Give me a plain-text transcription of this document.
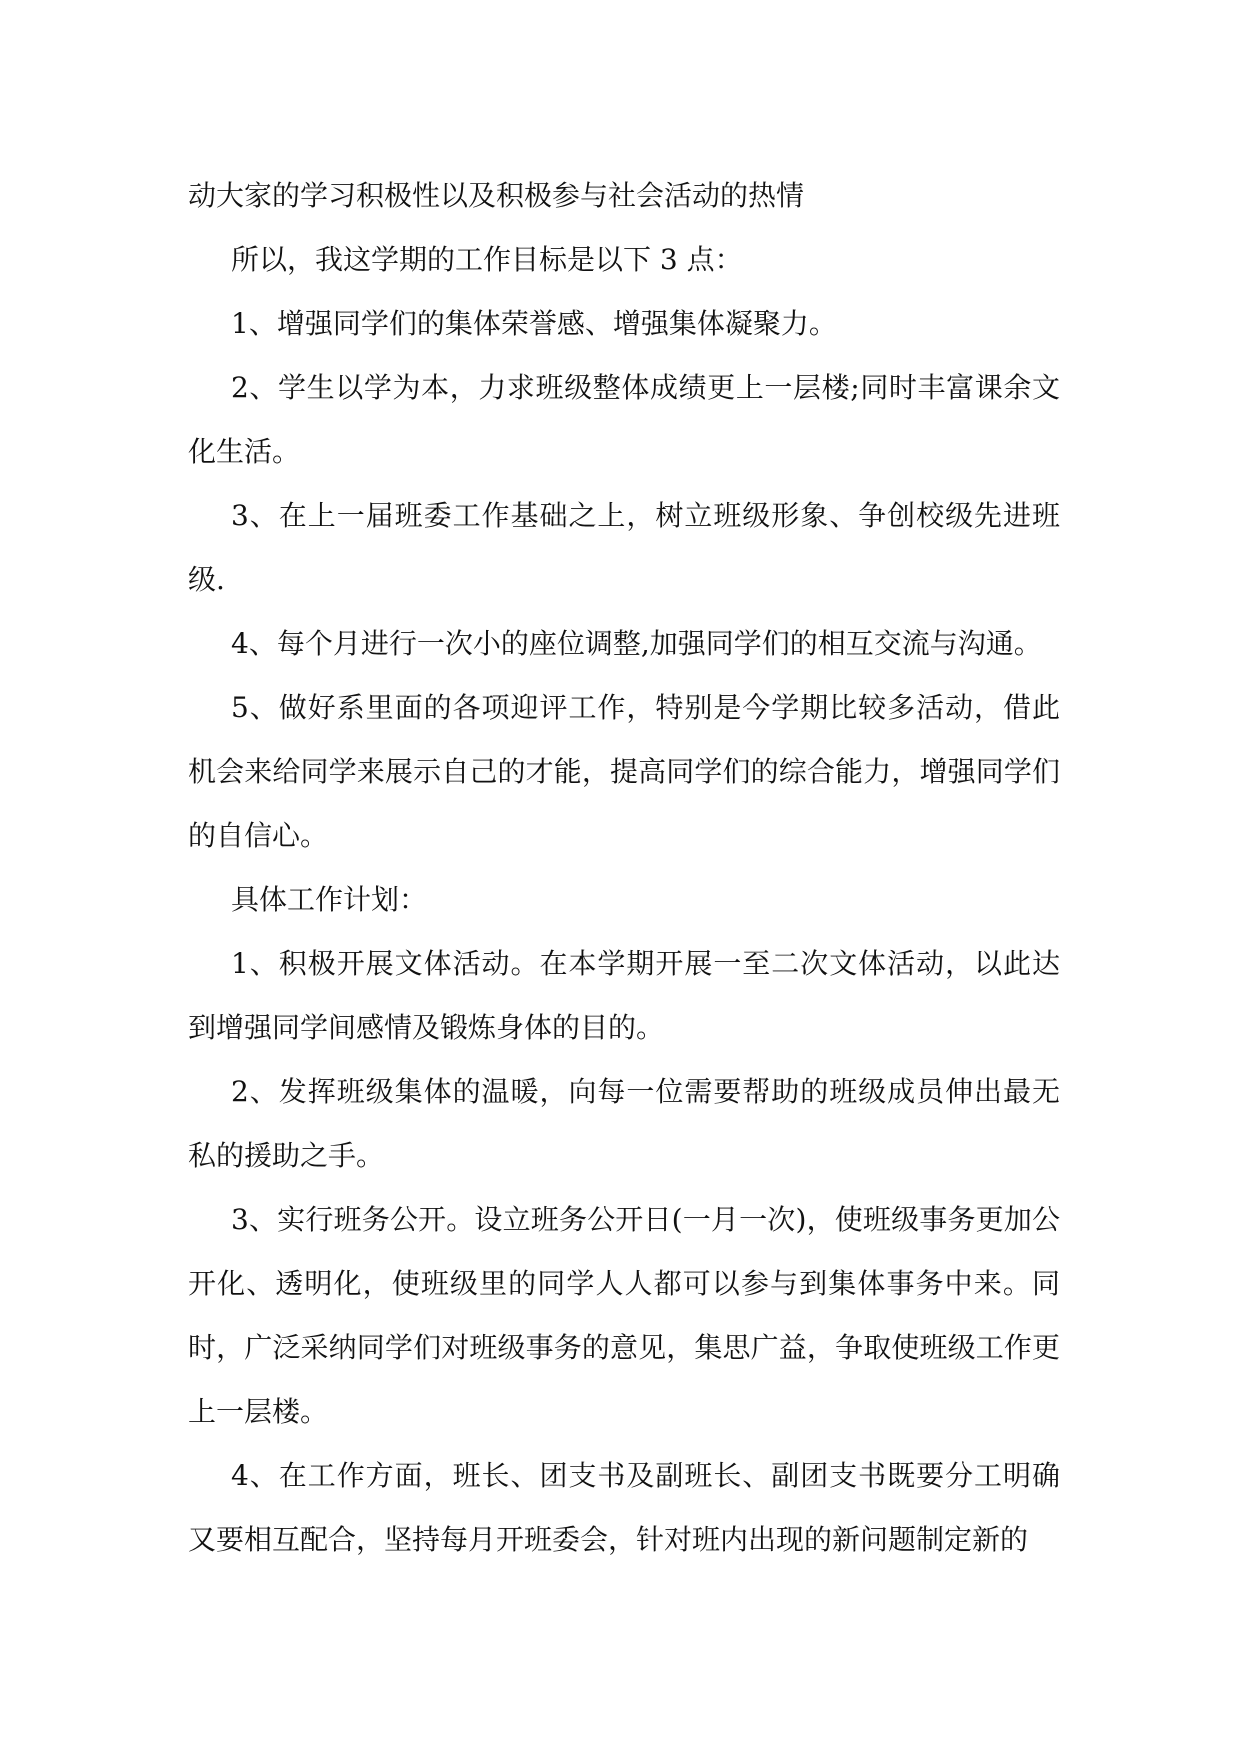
动大家的学习积极性以及积极参与社会活动的热情

所以，我这学期的工作目标是以下 3 点：

1、增强同学们的集体荣誉感、增强集体凝聚力。

2、学生以学为本，力求班级整体成绩更上一层楼;同时丰富课余文化生活。

3、在上一届班委工作基础之上，树立班级形象、争创校级先进班级.

4、每个月进行一次小的座位调整,加强同学们的相互交流与沟通。

5、做好系里面的各项迎评工作，特别是今学期比较多活动，借此机会来给同学来展示自己的才能，提高同学们的综合能力，增强同学们的自信心。

具体工作计划：

1、积极开展文体活动。在本学期开展一至二次文体活动，以此达到增强同学间感情及锻炼身体的目的。

2、发挥班级集体的温暖，向每一位需要帮助的班级成员伸出最无私的援助之手。

3、实行班务公开。设立班务公开日(一月一次)，使班级事务更加公开化、透明化，使班级里的同学人人都可以参与到集体事务中来。同时，广泛采纳同学们对班级事务的意见，集思广益，争取使班级工作更上一层楼。

4、在工作方面，班长、团支书及副班长、副团支书既要分工明确又要相互配合，坚持每月开班委会，针对班内出现的新问题制定新的
